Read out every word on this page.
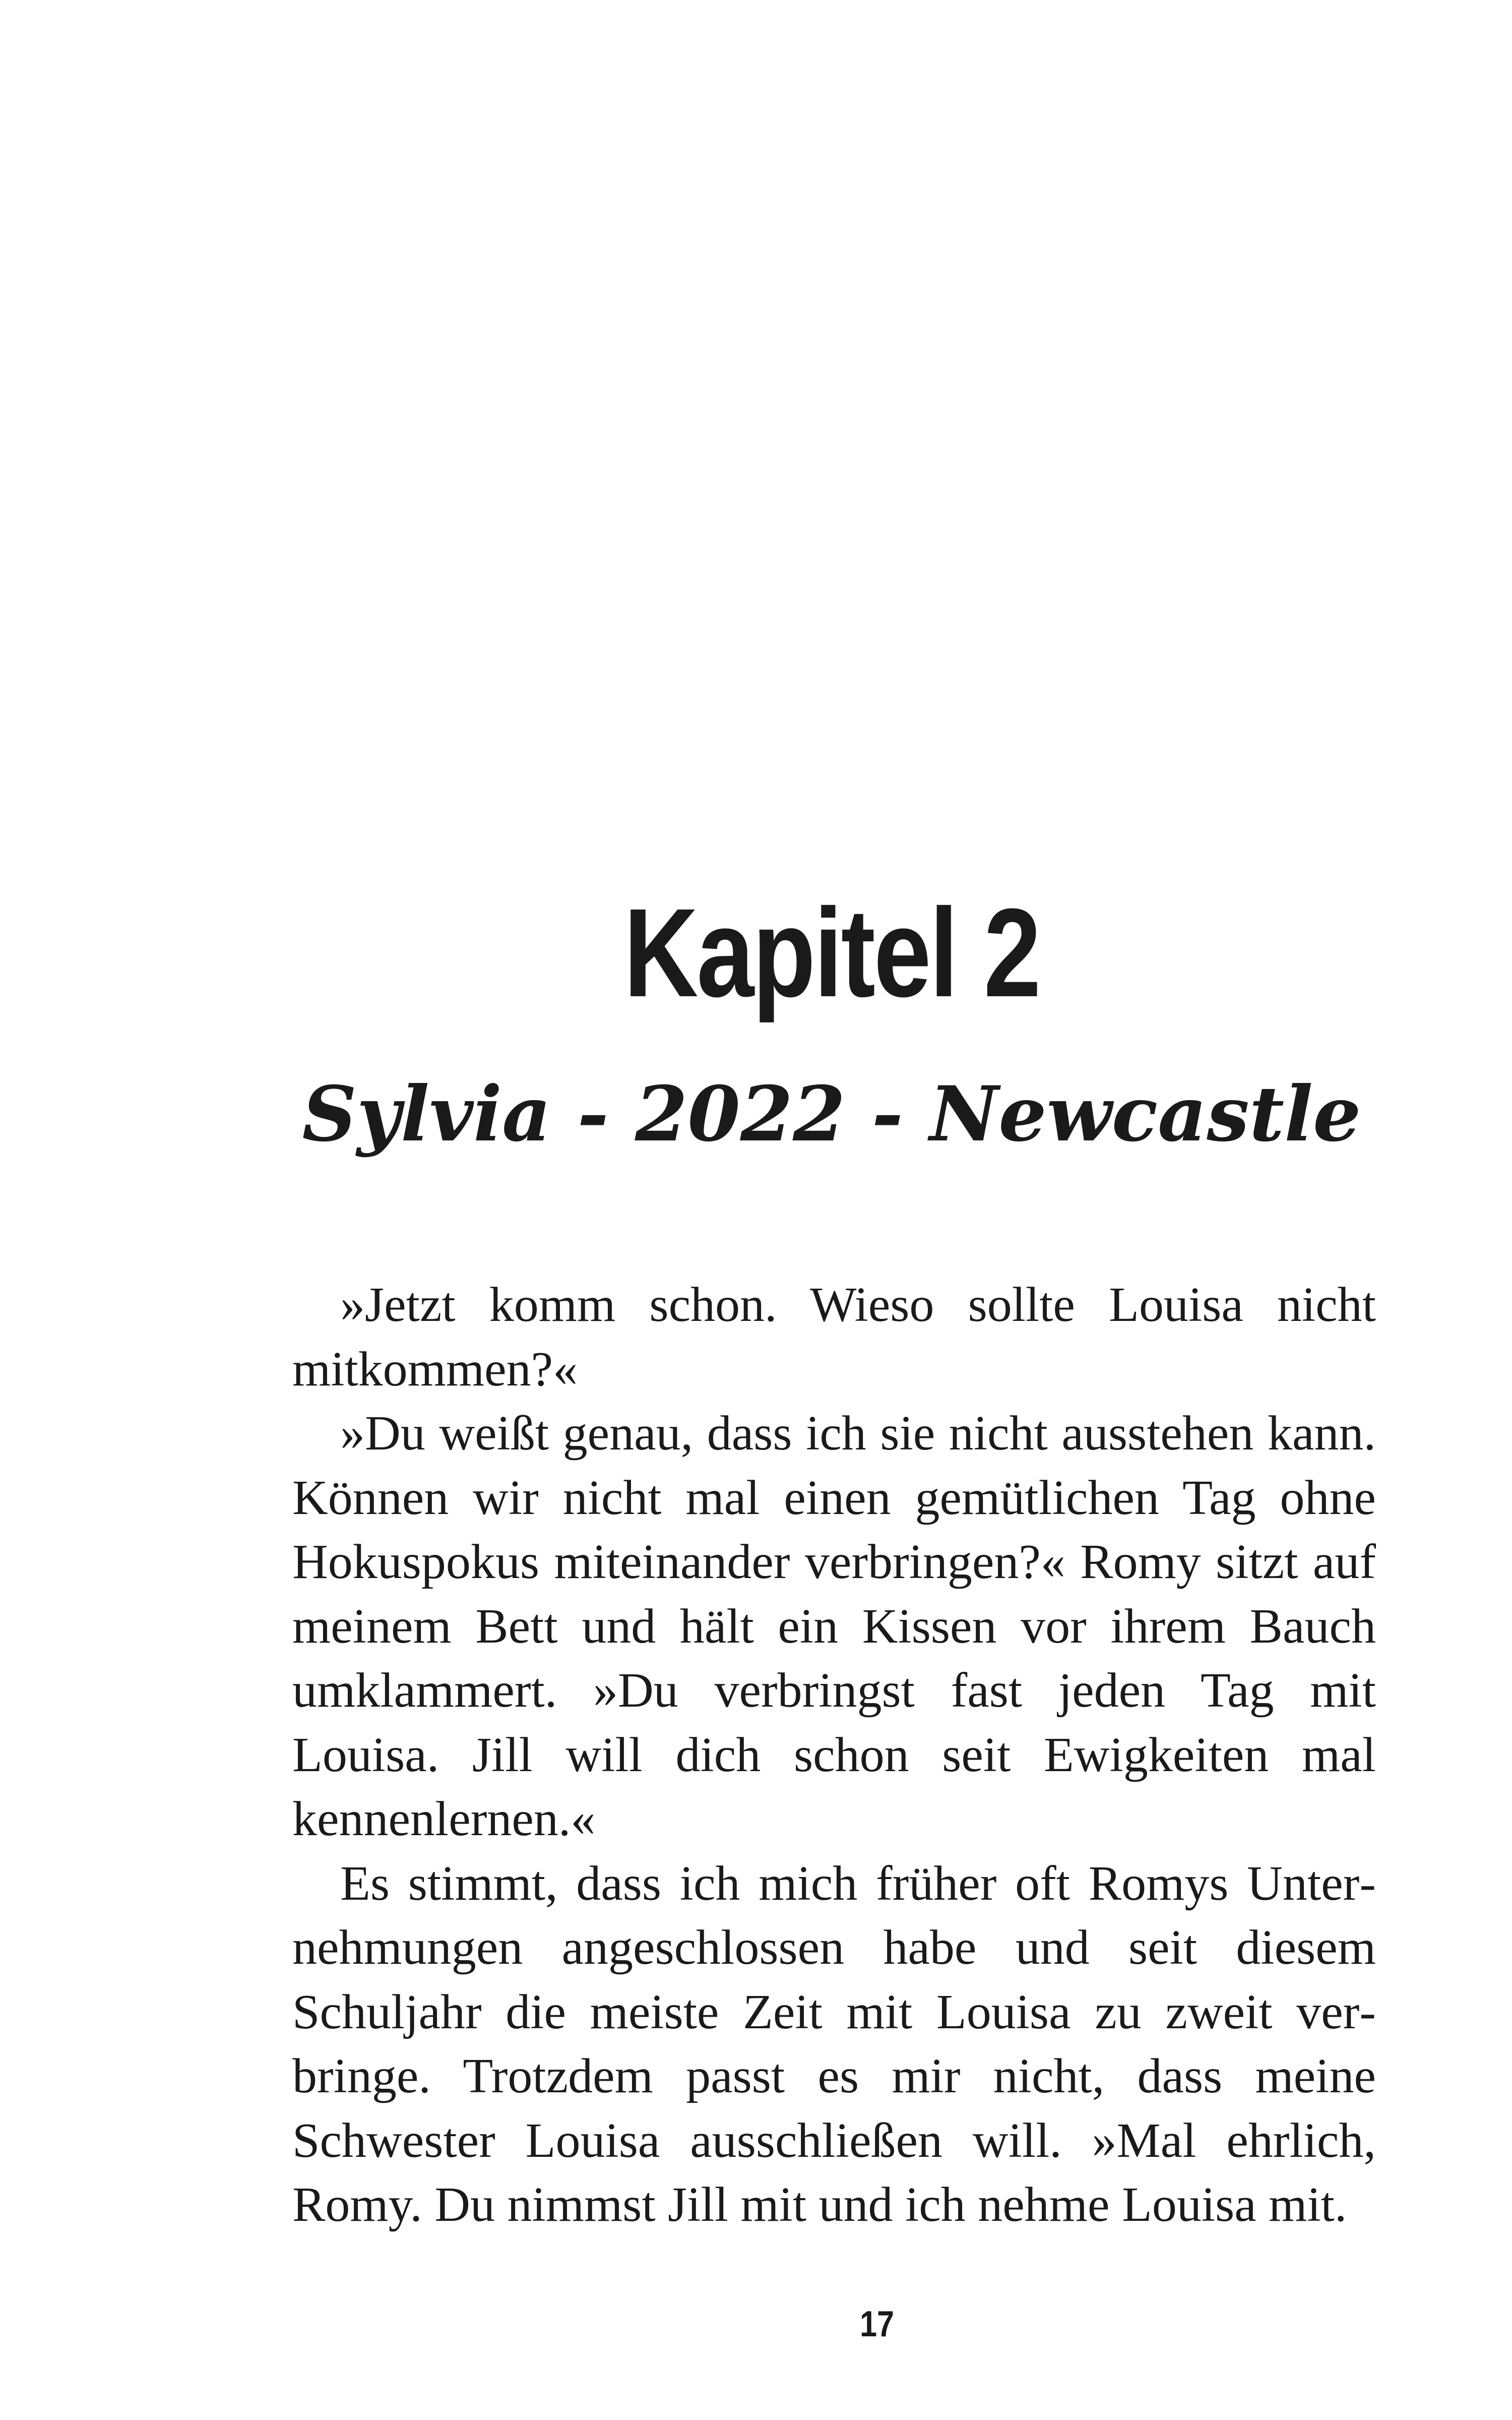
Kapitel 2
Sylvia - 2022 - Newcastle

»Jetzt komm schon. Wieso sollte Louisa nicht mitkommen?«

»Du weißt genau, dass ich sie nicht ausstehen kann. Können wir nicht mal einen gemütlichen Tag ohne Hokuspokus miteinander verbringen?« Romy sitzt auf meinem Bett und hält ein Kissen vor ihrem Bauch umklammert. »Du verbringst fast jeden Tag mit Louisa. Jill will dich schon seit Ewigkeiten mal kennenlernen.«

Es stimmt, dass ich mich früher oft Romys Unternehmungen angeschlossen habe und seit diesem Schuljahr die meiste Zeit mit Louisa zu zweit verbringe. Trotzdem passt es mir nicht, dass meine Schwester Louisa ausschließen will. »Mal ehrlich, Romy. Du nimmst Jill mit und ich nehme Louisa mit.

17
